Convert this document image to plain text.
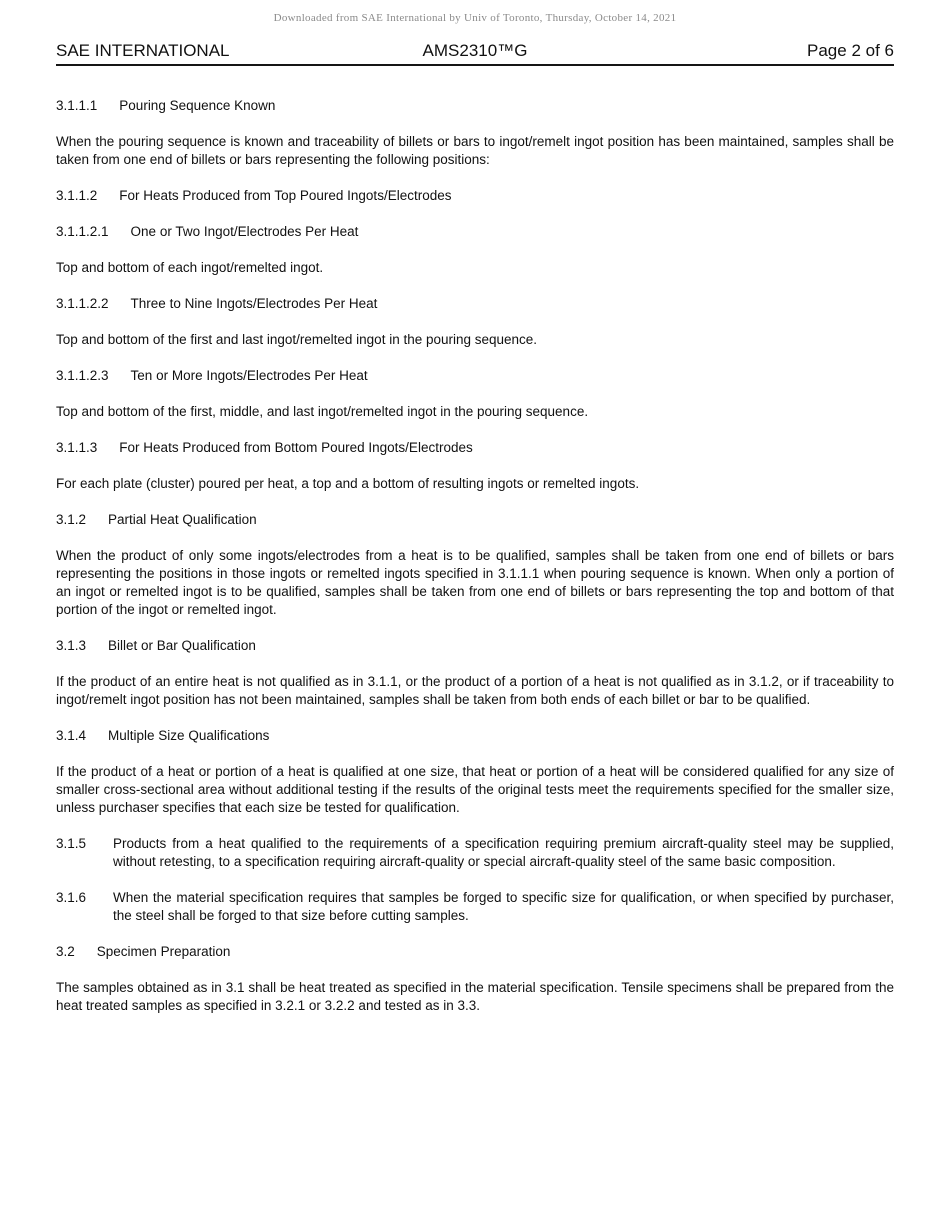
Downloaded from SAE International by Univ of Toronto, Thursday, October 14, 2021
SAE INTERNATIONAL	AMS2310™G	Page 2 of 6
3.1.1.1 Pouring Sequence Known

When the pouring sequence is known and traceability of billets or bars to ingot/remelt ingot position has been maintained, samples shall be taken from one end of billets or bars representing the following positions:

3.1.1.2 For Heats Produced from Top Poured Ingots/Electrodes
3.1.1.2.1 One or Two Ingot/Electrodes Per Heat

Top and bottom of each ingot/remelted ingot.

3.1.1.2.2 Three to Nine Ingots/Electrodes Per Heat

Top and bottom of the first and last ingot/remelted ingot in the pouring sequence.

3.1.1.2.3 Ten or More Ingots/Electrodes Per Heat

Top and bottom of the first, middle, and last ingot/remelted ingot in the pouring sequence.

3.1.1.3 For Heats Produced from Bottom Poured Ingots/Electrodes

For each plate (cluster) poured per heat, a top and a bottom of resulting ingots or remelted ingots.

3.1.2 Partial Heat Qualification

When the product of only some ingots/electrodes from a heat is to be qualified, samples shall be taken from one end of billets or bars representing the positions in those ingots or remelted ingots specified in 3.1.1.1 when pouring sequence is known. When only a portion of an ingot or remelted ingot is to be qualified, samples shall be taken from one end of billets or bars representing the top and bottom of that portion of the ingot or remelted ingot.

3.1.3 Billet or Bar Qualification

If the product of an entire heat is not qualified as in 3.1.1, or the product of a portion of a heat is not qualified as in 3.1.2, or if traceability to ingot/remelt ingot position has not been maintained, samples shall be taken from both ends of each billet or bar to be qualified.

3.1.4 Multiple Size Qualifications

If the product of a heat or portion of a heat is qualified at one size, that heat or portion of a heat will be considered qualified for any size of smaller cross-sectional area without additional testing if the results of the original tests meet the requirements specified for the smaller size, unless purchaser specifies that each size be tested for qualification.

3.1.5	Products from a heat qualified to the requirements of a specification requiring premium aircraft-quality steel may be supplied, without retesting, to a specification requiring aircraft-quality or special aircraft-quality steel of the same basic composition.
3.1.6	When the material specification requires that samples be forged to specific size for qualification, or when specified by purchaser, the steel shall be forged to that size before cutting samples.
3.2 Specimen Preparation

The samples obtained as in 3.1 shall be heat treated as specified in the material specification. Tensile specimens shall be prepared from the heat treated samples as specified in 3.2.1 or 3.2.2 and tested as in 3.3.
